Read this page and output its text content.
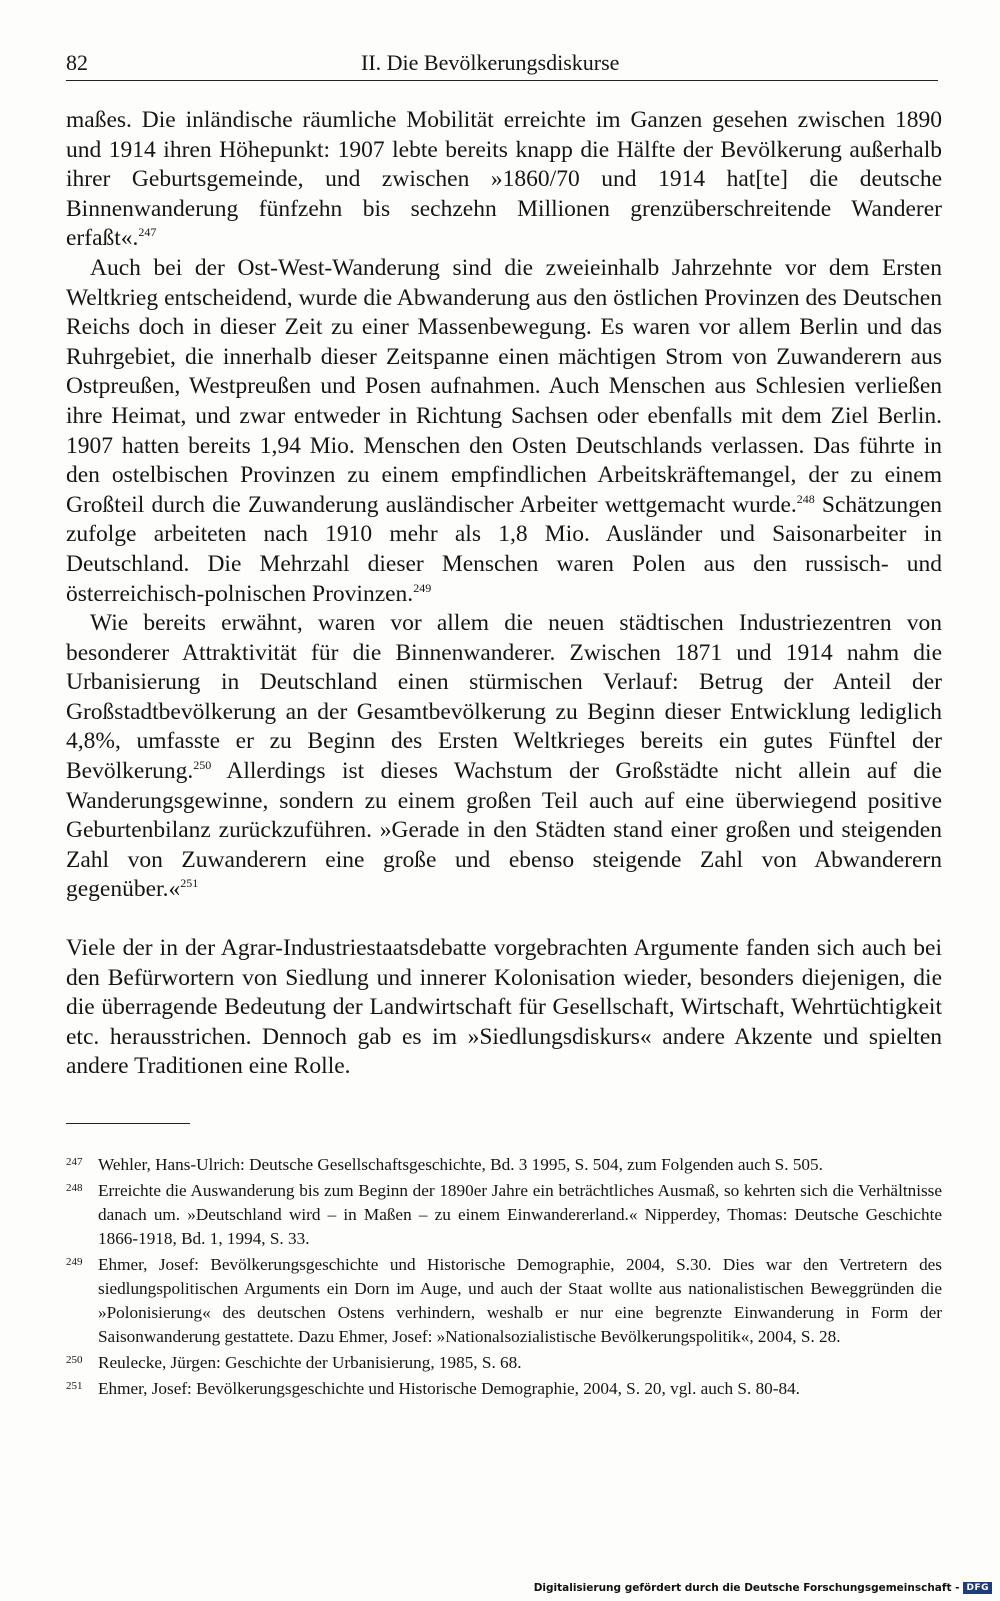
82	II. Die Bevölkerungsdiskurse

maßes. Die inländische räumliche Mobilität erreichte im Ganzen gesehen zwischen 1890 und 1914 ihren Höhepunkt: 1907 lebte bereits knapp die Hälfte der Bevölkerung außerhalb ihrer Geburtsgemeinde, und zwischen »1860/70 und 1914 hat[te] die deutsche Binnenwanderung fünfzehn bis sechzehn Millionen grenzüberschreitende Wanderer erfaßt«.$^{247}$

Auch bei der Ost-West-Wanderung sind die zweieinhalb Jahrzehnte vor dem Ersten Weltkrieg entscheidend, wurde die Abwanderung aus den östlichen Provinzen des Deutschen Reichs doch in dieser Zeit zu einer Massenbewegung. Es waren vor allem Berlin und das Ruhrgebiet, die innerhalb dieser Zeitspanne einen mächtigen Strom von Zuwanderern aus Ostpreußen, Westpreußen und Posen aufnahmen. Auch Menschen aus Schlesien verließen ihre Heimat, und zwar entweder in Richtung Sachsen oder ebenfalls mit dem Ziel Berlin. 1907 hatten bereits 1,94 Mio. Menschen den Osten Deutschlands verlassen. Das führte in den ostelbischen Provinzen zu einem empfindlichen Arbeitskräftemangel, der zu einem Großteil durch die Zuwanderung ausländischer Arbeiter wettgemacht wurde.$^{248}$ Schätzungen zufolge arbeiteten nach 1910 mehr als 1,8 Mio. Ausländer und Saisonarbeiter in Deutschland. Die Mehrzahl dieser Menschen waren Polen aus den russisch- und österreichisch-polnischen Provinzen.$^{249}$

Wie bereits erwähnt, waren vor allem die neuen städtischen Industriezentren von besonderer Attraktivität für die Binnenwanderer. Zwischen 1871 und 1914 nahm die Urbanisierung in Deutschland einen stürmischen Verlauf: Betrug der Anteil der Großstadtbevölkerung an der Gesamtbevölkerung zu Beginn dieser Entwicklung lediglich 4,8%, umfasste er zu Beginn des Ersten Weltkrieges bereits ein gutes Fünftel der Bevölkerung.$^{250}$ Allerdings ist dieses Wachstum der Großstädte nicht allein auf die Wanderungsgewinne, sondern zu einem großen Teil auch auf eine überwiegend positive Geburtenbilanz zurückzuführen. »Gerade in den Städten stand einer großen und steigenden Zahl von Zuwanderern eine große und ebenso steigende Zahl von Abwanderern gegenüber.«$^{251}$

Viele der in der Agrar-Industriestaatsdebatte vorgebrachten Argumente fanden sich auch bei den Befürwortern von Siedlung und innerer Kolonisation wieder, besonders diejenigen, die die überragende Bedeutung der Landwirtschaft für Gesellschaft, Wirtschaft, Wehrtüchtigkeit etc. herausstrichen. Dennoch gab es im »Siedlungsdiskurs« andere Akzente und spielten andere Traditionen eine Rolle.

247 Wehler, Hans-Ulrich: Deutsche Gesellschaftsgeschichte, Bd. 3 1995, S. 504, zum Folgenden auch S. 505.
248 Erreichte die Auswanderung bis zum Beginn der 1890er Jahre ein beträchtliches Ausmaß, so kehrten sich die Verhältnisse danach um. »Deutschland wird – in Maßen – zu einem Einwandererland.« Nipperdey, Thomas: Deutsche Geschichte 1866-1918, Bd. 1, 1994, S. 33.
249 Ehmer, Josef: Bevölkerungsgeschichte und Historische Demographie, 2004, S.30. Dies war den Vertretern des siedlungspolitischen Arguments ein Dorn im Auge, und auch der Staat wollte aus nationalistischen Beweggründen die »Polonisierung« des deutschen Ostens verhindern, weshalb er nur eine begrenzte Einwanderung in Form der Saisonwanderung gestattete. Dazu Ehmer, Josef: »Nationalsozialistische Bevölkerungspolitik«, 2004, S. 28.
250 Reulecke, Jürgen: Geschichte der Urbanisierung, 1985, S. 68.
251 Ehmer, Josef: Bevölkerungsgeschichte und Historische Demographie, 2004, S. 20, vgl. auch S. 80-84.
Digitalisierung gefördert durch die Deutsche Forschungsgemeinschaft - DFG
